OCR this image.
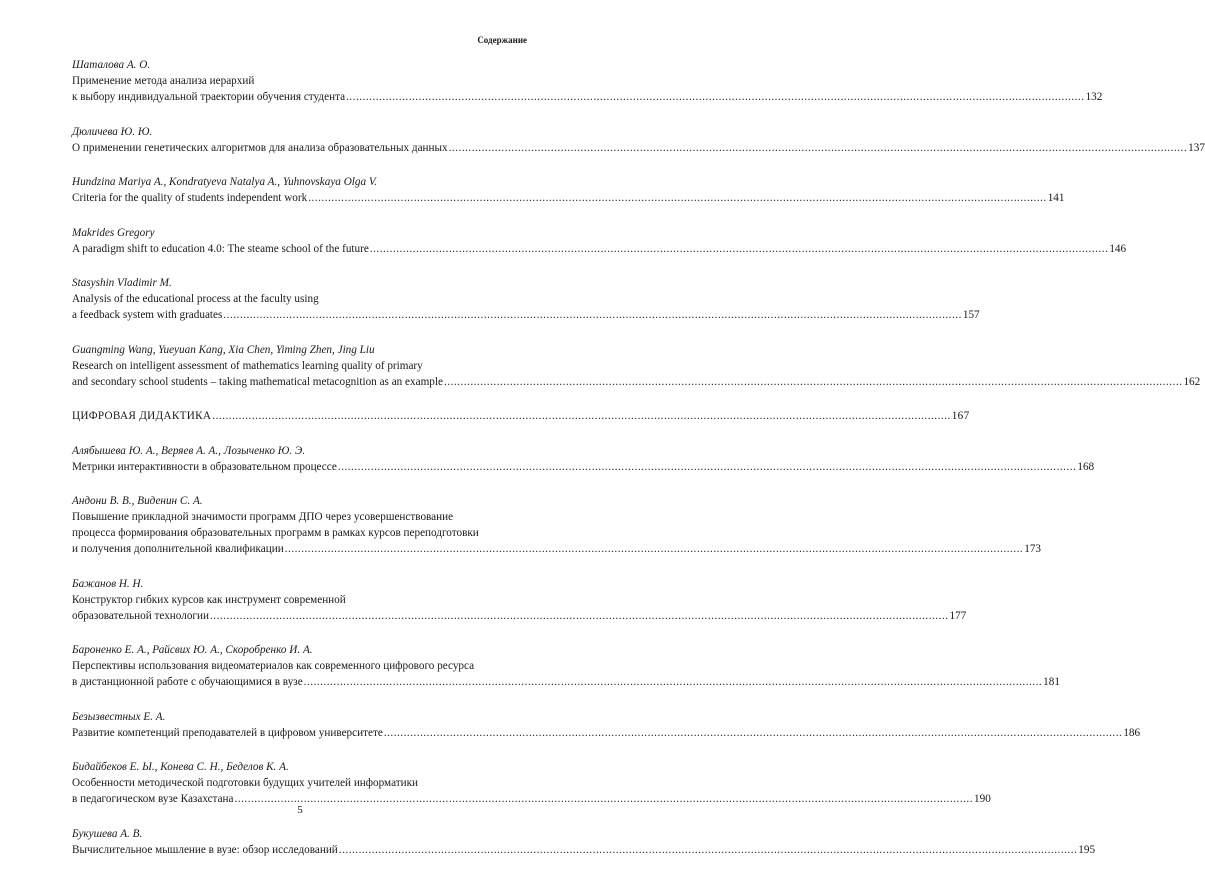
Содержание
Шаталова А. О.
Применение метода анализа иерархий
к выбору индивидуальной траектории обучения студента .....	132
Дюличева Ю. Ю.
О применении генетических алгоритмов для анализа образовательных данных .....	137
Hundzina Mariya A., Kondratyeva Natalya A., Yuhnovskaya Olga V.
Criteria for the quality of students independent work .....	141
Makrides Gregory
A paradigm shift to education 4.0: The steame school of the future .....	146
Stasyshin Vladimir M.
Analysis of the educational process at the faculty using
a feedback system with graduates .....	157
Guangming Wang, Yueyuan Kang, Xia Chen, Yiming Zhen, Jing Liu
Research on intelligent assessment of mathematics learning quality of primary
and secondary school students – taking mathematical metacognition as an example .....	162
ЦИФРОВАЯ ДИДАКТИКА .....	167
Алябышева Ю. А., Веряев А. А., Лозыченко Ю. Э.
Метрики интерактивности в образовательном процессе .....	168
Андони В. В., Виденин С. А.
Повышение прикладной значимости программ ДПО через усовершенствование
процесса формирования образовательных программ в рамках курсов переподготовки
и получения дополнительной квалификации .....	173
Бажанов Н. Н.
Конструктор гибких курсов как инструмент современной
образовательной технологии .....	177
Бароненко Е. А., Райсвих Ю. А., Скоробренко И. А.
Перспективы использования видеоматериалов как современного цифрового ресурса
в дистанционной работе с обучающимися в вузе .....	181
Безызвестных Е. А.
Развитие компетенций преподавателей в цифровом университете .....	186
Бидайбеков Е. Ы., Конева С. Н., Беделов К. А.
Особенности методической подготовки будущих учителей информатики
в педагогическом вузе Казахстана .....	190
Букушева А. В.
Вычислительное мышление в вузе: обзор исследований .....	195
5
